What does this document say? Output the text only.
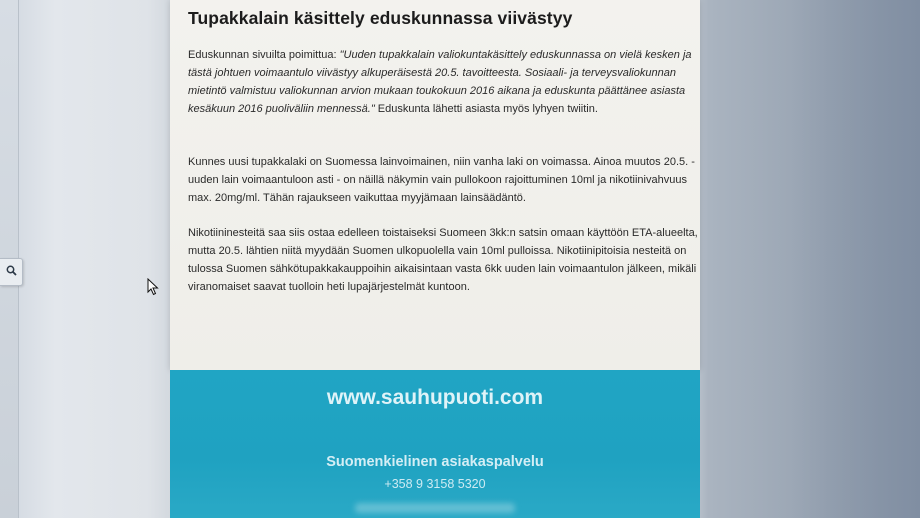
Tupakkalain käsittely eduskunnassa viivästyy

Eduskunnan sivuilta poimittua: "Uuden tupakkalain valiokuntakäsittely eduskunnassa on vielä kesken ja tästä johtuen voimaantulo viivästyy alkuperäisestä 20.5. tavoitteesta. Sosiaali- ja terveysvaliokunnan mietintö valmistuu valiokunnan arvion mukaan toukokuun 2016 aikana ja eduskunta päättänee asiasta kesäkuun 2016 puoliväliin mennessä." Eduskunta lähetti asiasta myös lyhyen twiitin.

Kunnes uusi tupakkalaki on Suomessa lainvoimainen, niin vanha laki on voimassa. Ainoa muutos 20.5. - uuden lain voimaantuloon asti - on näillä näkymin vain pullokoon rajoittuminen 10ml ja nikotiinivahvuus max. 20mg/ml. Tähän rajaukseen vaikuttaa myyjämaan lainsäädäntö.

Nikotiininesteitä saa siis ostaa edelleen toistaiseksi Suomeen 3kk:n satsin omaan käyttöön ETA-alueelta, mutta 20.5. lähtien niitä myydään Suomen ulkopuolella vain 10ml pulloissa. Nikotiinipitoisia nesteitä on tulossa Suomen sähkötupakkakauppoihin aikaisintaan vasta 6kk uuden lain voimaantulon jälkeen, mikäli viranomaiset saavat tuolloin heti lupajärjestelmät kuntoon.

www.sauhupuoti.com
Suomenkielinen asiakaspalvelu
+358 9 3158 5320
